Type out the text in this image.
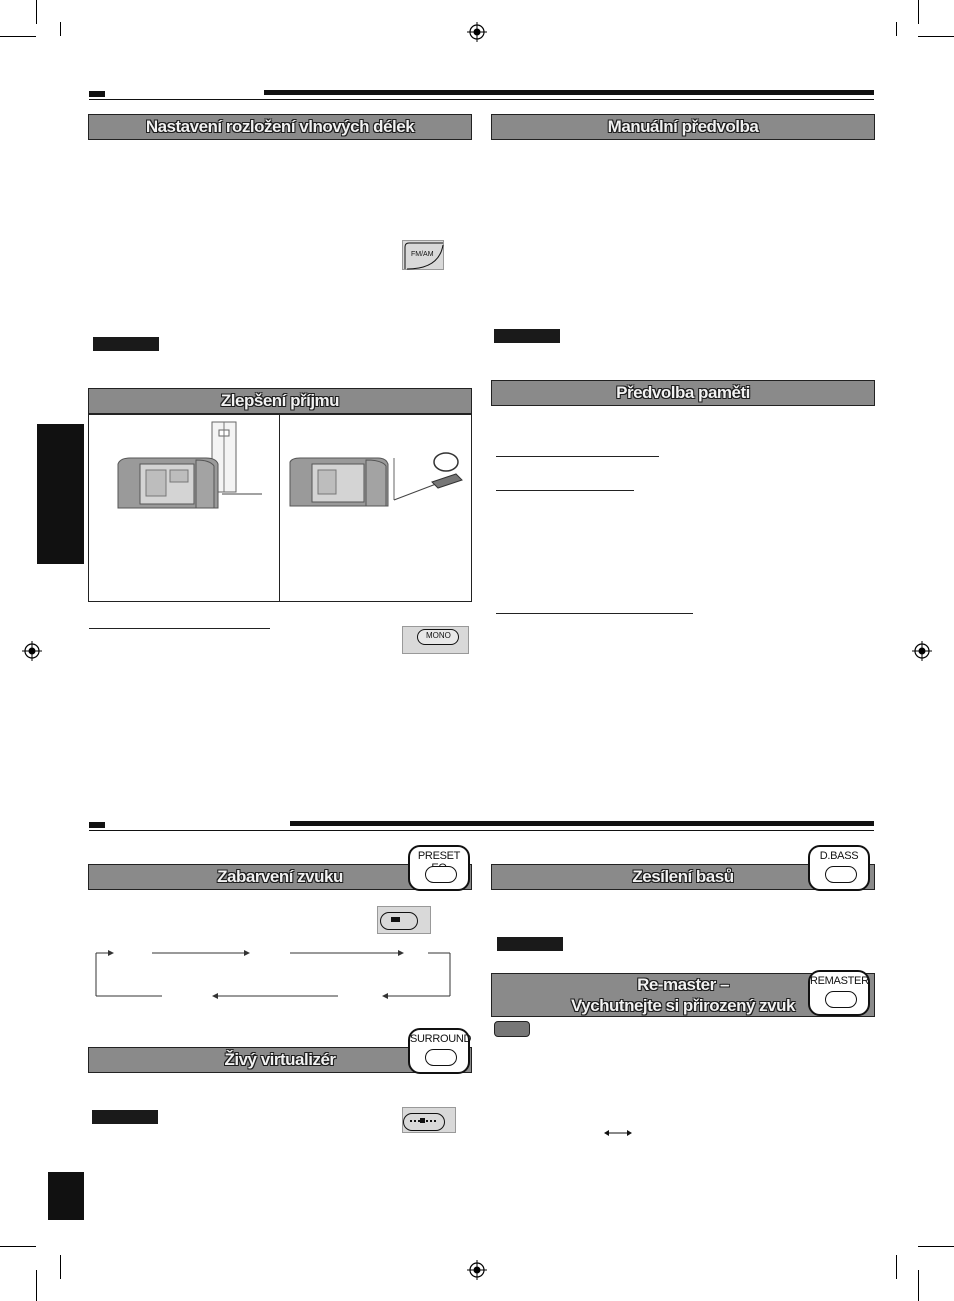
Nastavení rozložení vlnových délek
FM/AM
Manuální předvolba
Zlepšení příjmu
MONO
Předvolba paměti
Zabarvení zvuku
PRESET
Zesílení basů
D.BASS
Re-master –
Vychutnejte si přirozený zvuk
REMASTER
Živý virtualizér
SURROUND
